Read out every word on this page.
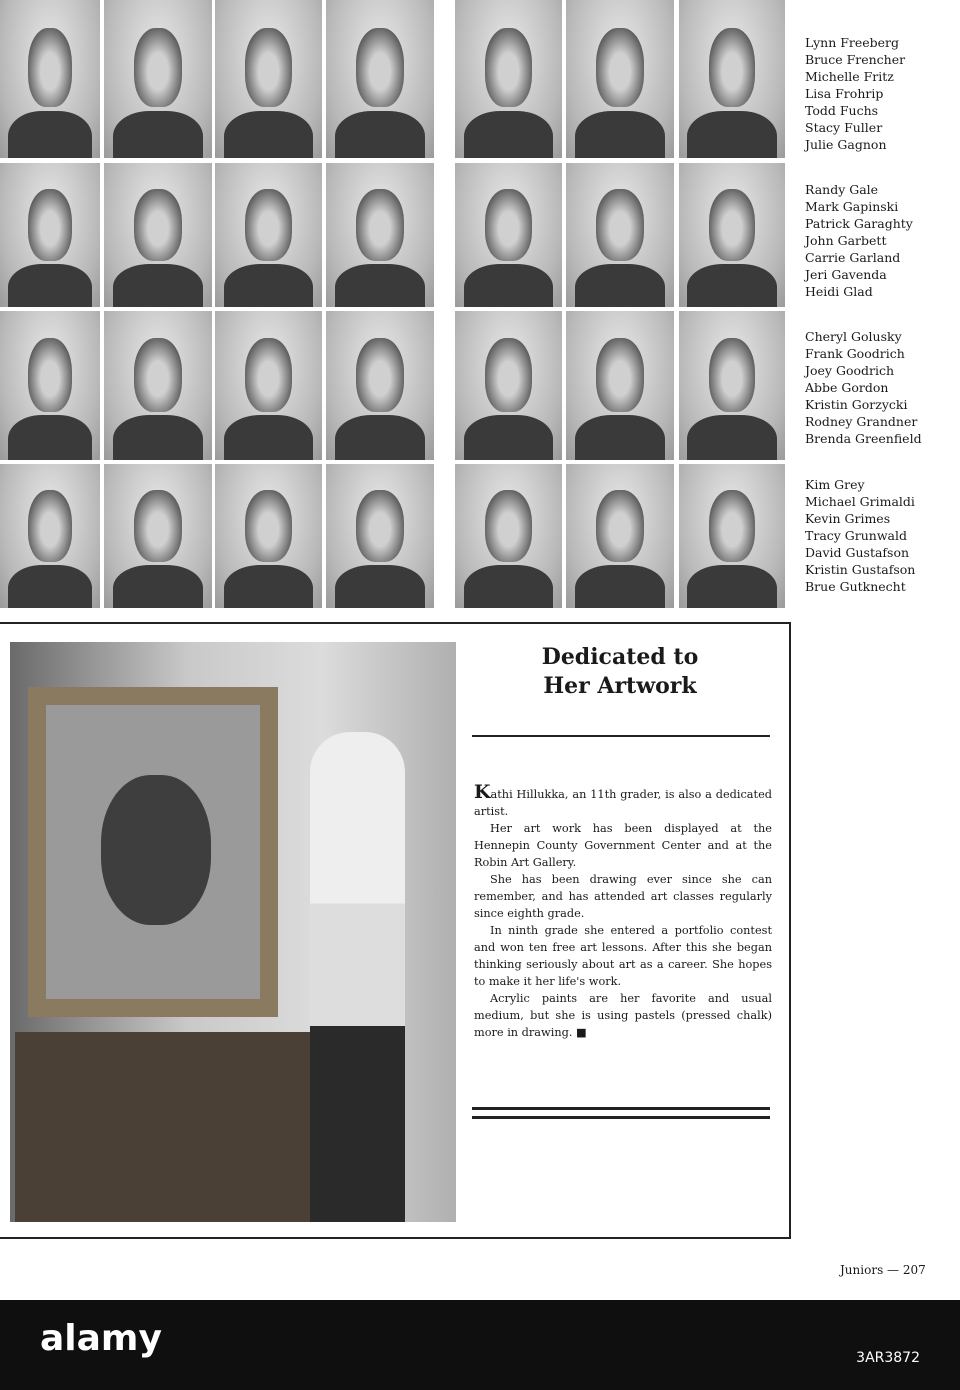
Lynn Freeberg
Bruce Frencher
Michelle Fritz
Lisa Frohrip
Todd Fuchs
Stacy Fuller
Julie Gagnon
Randy Gale
Mark Gapinski
Patrick Garaghty
John Garbett
Carrie Garland
Jeri Gavenda
Heidi Glad
Cheryl Golusky
Frank Goodrich
Joey Goodrich
Abbe Gordon
Kristin Gorzycki
Rodney Grandner
Brenda Greenfield
Kim Grey
Michael Grimaldi
Kevin Grimes
Tracy Grunwald
David Gustafson
Kristin Gustafson
Brue Gutknecht
Dedicated to
Her Artwork

Kathi Hillukka, an 11th grader, is also a dedicated artist.

Her art work has been displayed at the Hennepin County Government Center and at the Robin Art Gallery.

She has been drawing ever since she can remember, and has attended art classes regularly since eighth grade.

In ninth grade she entered a portfolio contest and won ten free art lessons. After this she began thinking seriously about art as a career. She hopes to make it her life's work.

Acrylic paints are her favorite and usual medium, but she is using pastels (pressed chalk) more in drawing. ■

Juniors — 207
alamy	3AR3872
